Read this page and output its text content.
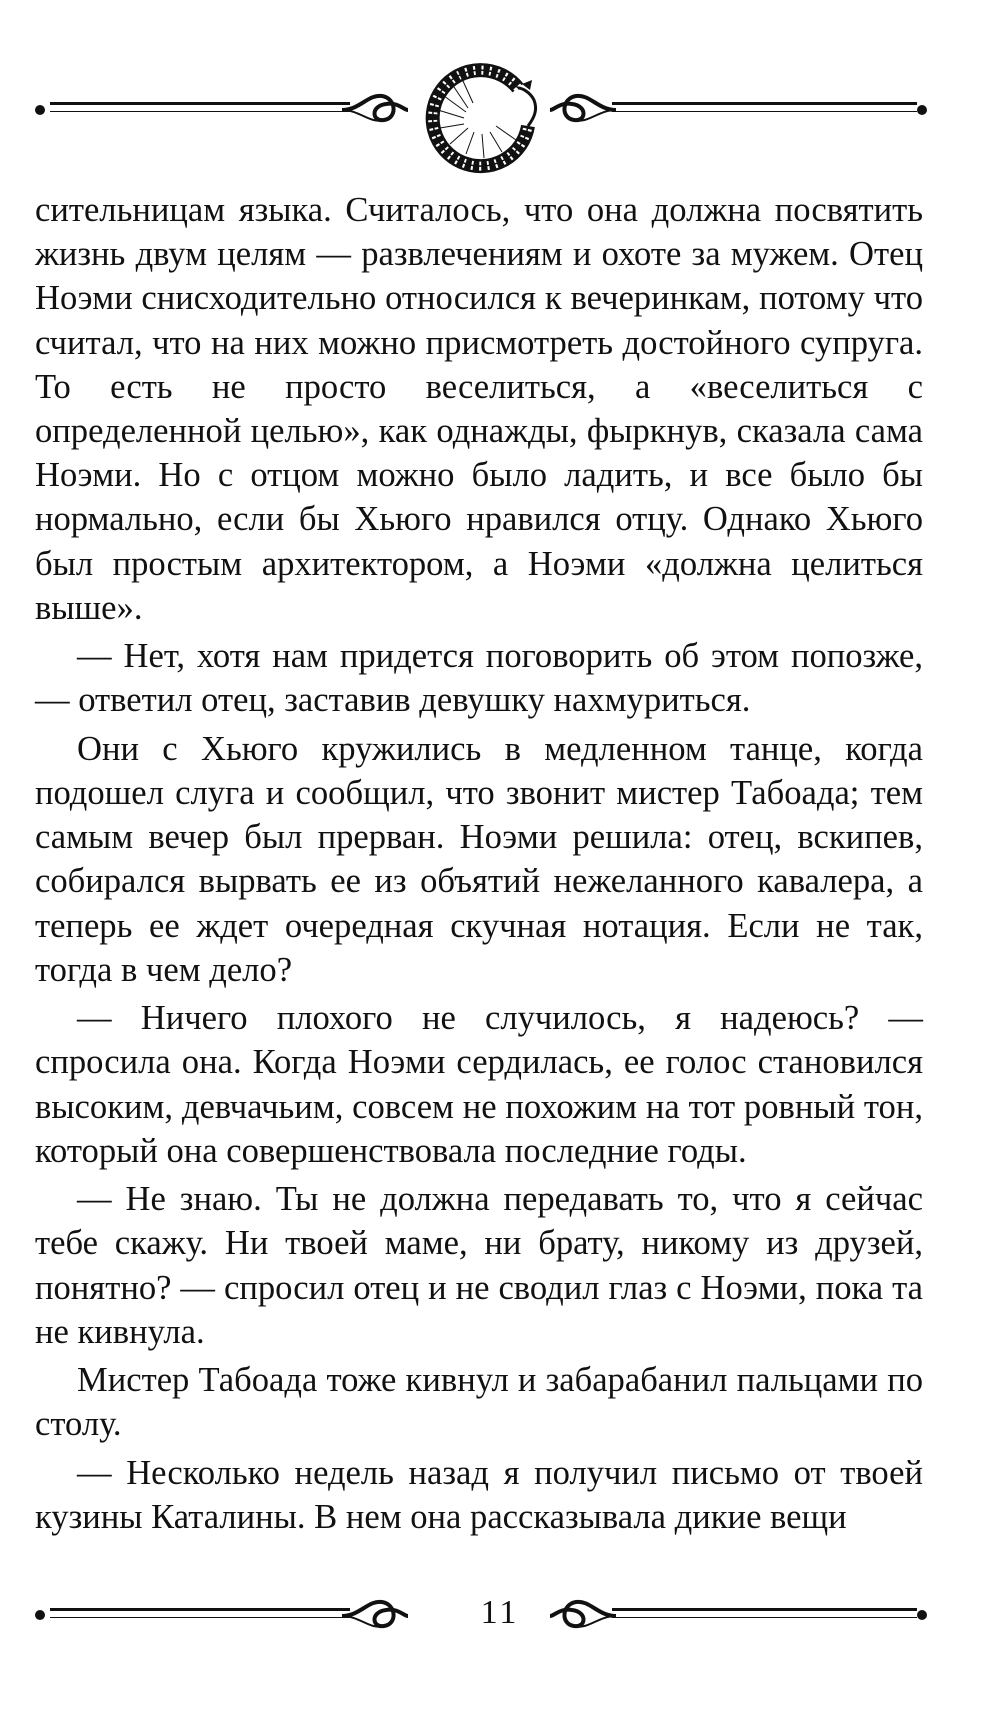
сительницам языка. Считалось, что она должна посвятить жизнь двум целям — развлечениям и охоте за мужем. Отец Ноэми снисходительно относился к вечеринкам, потому что считал, что на них можно присмотреть достойного супруга. То есть не просто веселиться, а «веселиться с определенной целью», как однажды, фыркнув, сказала сама Ноэми. Но с отцом можно было ладить, и все было бы нормально, если бы Хьюго нравился отцу. Однако Хьюго был простым архитектором, а Ноэми «должна целиться выше».

— Нет, хотя нам придется поговорить об этом попозже, — ответил отец, заставив девушку нахмуриться.

Они с Хьюго кружились в медленном танце, когда подошел слуга и сообщил, что звонит мистер Табоада; тем самым вечер был прерван. Ноэми решила: отец, вскипев, собирался вырвать ее из объятий нежеланного кавалера, а теперь ее ждет очередная скучная нотация. Если не так, тогда в чем дело?

— Ничего плохого не случилось, я надеюсь? — спросила она. Когда Ноэми сердилась, ее голос становился высоким, девчачьим, совсем не похожим на тот ровный тон, который она совершенствовала последние годы.

— Не знаю. Ты не должна передавать то, что я сейчас тебе скажу. Ни твоей маме, ни брату, никому из друзей, понятно? — спросил отец и не сводил глаз с Ноэми, пока та не кивнула.

Мистер Табоада тоже кивнул и забарабанил пальцами по столу.

— Несколько недель назад я получил письмо от твоей кузины Каталины. В нем она рассказывала дикие вещи

11
